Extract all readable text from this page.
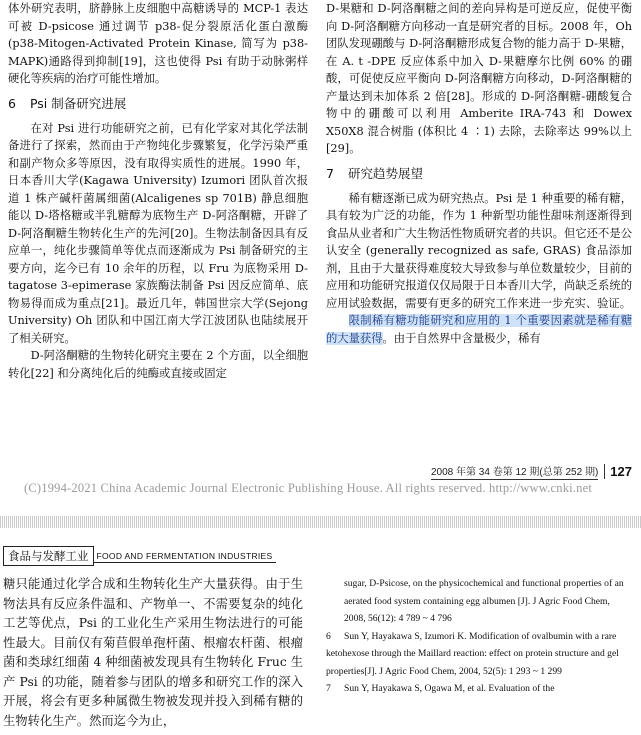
体外研究表明，脐静脉上皮细胞中高糖诱导的 MCP-1 表达可被 D-psicose 通过调节 p38-促分裂原活化蛋白激酶(p38-Mitogen-Activated Protein Kinase, 简写为 p38-MAPK)通路得到抑制[19]，这也使得 Psi 有助于动脉粥样硬化等疾病的治疗可能性增加。

6 Psi 制备研究进展

在对 Psi 进行功能研究之前，已有化学家对其化学法制备进行了探索，然而由于产物纯化步骤繁复，化学污染严重和副产物众多等原因，没有取得实质性的进展。1990 年，日本香川大学(Kagawa University) Izumori 团队首次报道 1 株产碱杆菌属细菌(Alcaligenes sp 701B) 静息细胞能以 D-塔格糖或半乳糖醇为底物生产 D-阿洛酮糖，开辟了 D-阿洛酮糖生物转化生产的先河[20]。生物法制备因具有反应单一，纯化步骤简单等优点而逐渐成为 Psi 制备研究的主要方向，迄今已有 10 余年的历程，以 Fru 为底物采用 D-tagatose 3-epimerase 家族酶法制备 Psi 因反应简单、底物易得而成为重点[21]。最近几年，韩国世宗大学(Sejong University) Oh 团队和中国江南大学江波团队也陆续展开了相关研究。

D-阿洛酮糖的生物转化研究主要在 2 个方面，以全细胞转化[22] 和分离纯化后的纯酶或直接或固定

D-果糖和 D-阿洛酮糖之间的差向异构是可逆反应，促使平衡向 D-阿洛酮糖方向移动一直是研究者的目标。2008 年，Oh 团队发现硼酸与 D-阿洛酮糖形成复合物的能力高于 D-果糖，在 A. t -DPE 反应体系中加入 D-果糖摩尔比例 60% 的硼酸，可促使反应平衡向 D-阿洛酮糖方向移动，D-阿洛酮糖的产量达到未加体系 2 倍[28]。形成的 D-阿洛酮糖-硼酸复合物中的硼酸可以利用 Amberite IRA-743 和 Dowex X50X8 混合树脂 (体积比 4 ∶1) 去除，去除率达 99%以上[29]。

7 研究趋势展望

稀有糖逐渐已成为研究热点。Psi 是 1 种重要的稀有糖，具有较为广泛的功能，作为 1 种新型功能性甜味剂逐渐得到食品从业者和广大生物活性物质研究者的共识。但它还不是公认安全 (generally recognized as safe, GRAS) 食品添加剂，且由于大量获得难度较大导致参与单位数量较少，目前的应用和功能研究报道仅仅局限于日本香川大学，尚缺乏系统的应用试验数据，需要有更多的研究工作来进一步充实、验证。

限制稀有糖功能研究和应用的 1 个重要因素就是稀有糖的大量获得。由于自然界中含量极少，稀有

2008 年第 34 卷第 12 期(总第 252 期) 127
(C)1994-2021 China Academic Journal Electronic Publishing House. All rights reserved. http://www.cnki.net
食品与发酵工业 FOOD AND FERMENTATION INDUSTRIES

糖只能通过化学合成和生物转化生产大量获得。由于生物法具有反应条件温和、产物单一、不需要复杂的纯化工艺等优点，Psi 的工业化生产采用生物法进行的可能性最大。目前仅有菊苣假单孢杆菌、根瘤农杆菌、根瘤菌和类球红细菌 4 种细菌被发现具有生物转化 Fruc 生产 Psi 的功能，随着参与团队的增多和研究工作的深入开展，将会有更多种属微生物被发现并投入到稀有糖的生物转化生产。然而迄今为止，

sugar, D-Psicose, on the physicochemical and functional properties of an aerated food system containing egg albumen [J]. J Agric Food Chem, 2008, 56(12): 4 789 ~ 4 796

6 Sun Y, Hayakawa S, Izumori K. Modification of ovalbumin with a rare ketohexose through the Maillard reaction: effect on protein structure and gel properties[J]. J Agric Food Chem, 2004, 52(5): 1 293 ~ 1 299

7 Sun Y, Hayakawa S, Ogawa M, et al. Evaluation of the
